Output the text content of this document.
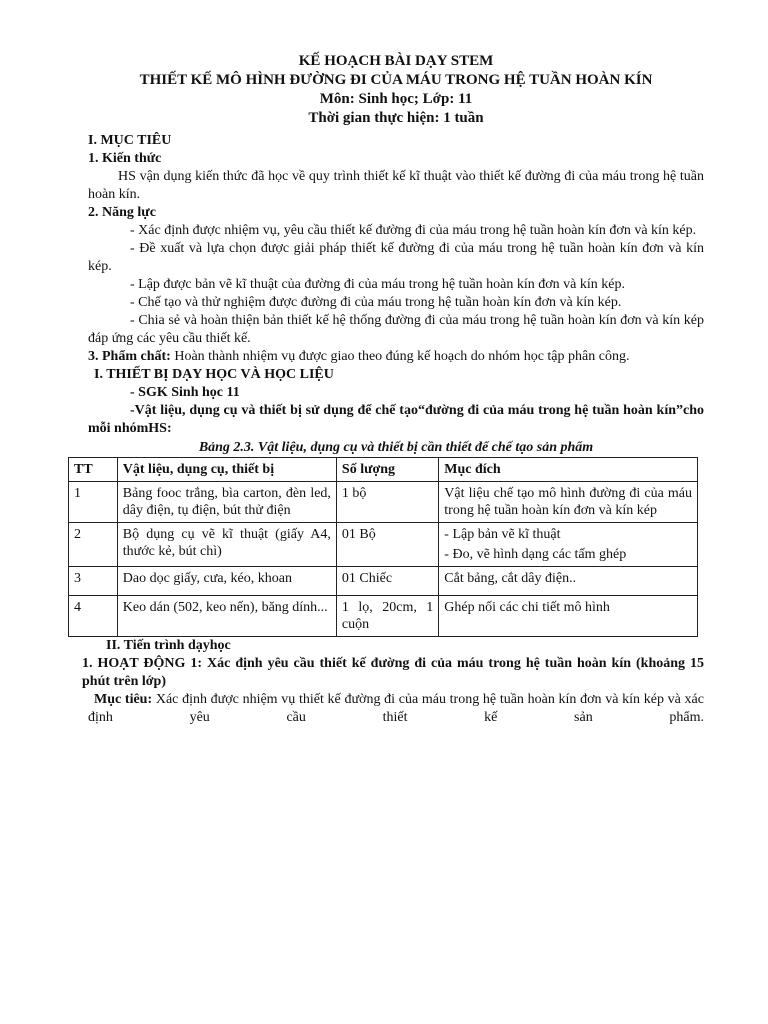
KẾ HOẠCH BÀI DẠY STEM
THIẾT KẾ MÔ HÌNH ĐƯỜNG ĐI CỦA MÁU TRONG HỆ TUẦN HOÀN KÍN
Môn: Sinh học; Lớp: 11
Thời gian thực hiện: 1 tuần
I. MỤC TIÊU
1. Kiến thức
HS vận dụng kiến thức đã học về quy trình thiết kế kĩ thuật vào thiết kế đường đi của máu trong hệ tuần hoàn kín.
2. Năng lực
- Xác định được nhiệm vụ, yêu cầu thiết kế đường đi của máu trong hệ tuần hoàn kín đơn và kín kép.
- Đề xuất và lựa chọn được giải pháp thiết kế đường đi của máu trong hệ tuần hoàn kín đơn và kín kép.
- Lập được bản vẽ kĩ thuật của đường đi của máu trong hệ tuần hoàn kín đơn và kín kép.
- Chế tạo và thử nghiệm được đường đi của máu trong hệ tuần hoàn kín đơn và kín kép.
- Chia sẻ và hoàn thiện bản thiết kế hệ thống đường đi của máu trong hệ tuần hoàn kín đơn và kín kép đáp ứng các yêu cầu thiết kế.
3. Phẩm chất: Hoàn thành nhiệm vụ được giao theo đúng kế hoạch do nhóm học tập phân công.
I. THIẾT BỊ DẠY HỌC VÀ HỌC LIỆU
- SGK Sinh học 11
-Vật liệu, dụng cụ và thiết bị sử dụng để chế tạo“đường đi của máu trong hệ tuần hoàn kín”cho mỗi nhómHS:
Bảng 2.3. Vật liệu, dụng cụ và thiết bị cần thiết để chế tạo sản phẩm
TT	Vật liệu, dụng cụ, thiết bị	Số lượng	Mục đích
1	Bảng fooc trắng, bìa carton, đèn led, dây điện, tụ điện, bút thử điện	1 bộ	Vật liệu chế tạo mô hình đường đi của máu trong hệ tuần hoàn kín đơn và kín kép
2	Bộ dụng cụ vẽ kĩ thuật (giấy A4, thước kẻ, bút chì)	01 Bộ	- Lập bản vẽ kĩ thuật
- Đo, vẽ hình dạng các tấm ghép

3	Dao dọc giấy, cưa, kéo, khoan	01 Chiếc	Cắt bảng, cắt dây điện..
4	Keo dán (502, keo nến), băng dính...	1 lọ, 20cm, 1 cuộn	Ghép nối các chi tiết mô hình
II. Tiến trình dạyhọc
1. HOẠT ĐỘNG 1: Xác định yêu cầu thiết kế đường đi của máu trong hệ tuần hoàn kín (khoảng 15 phút trên lớp)
Mục tiêu: Xác định được nhiệm vụ thiết kế đường đi của máu trong hệ tuần hoàn kín đơn và kín kép và xác định yêu cầu thiết kế sản phẩm.
